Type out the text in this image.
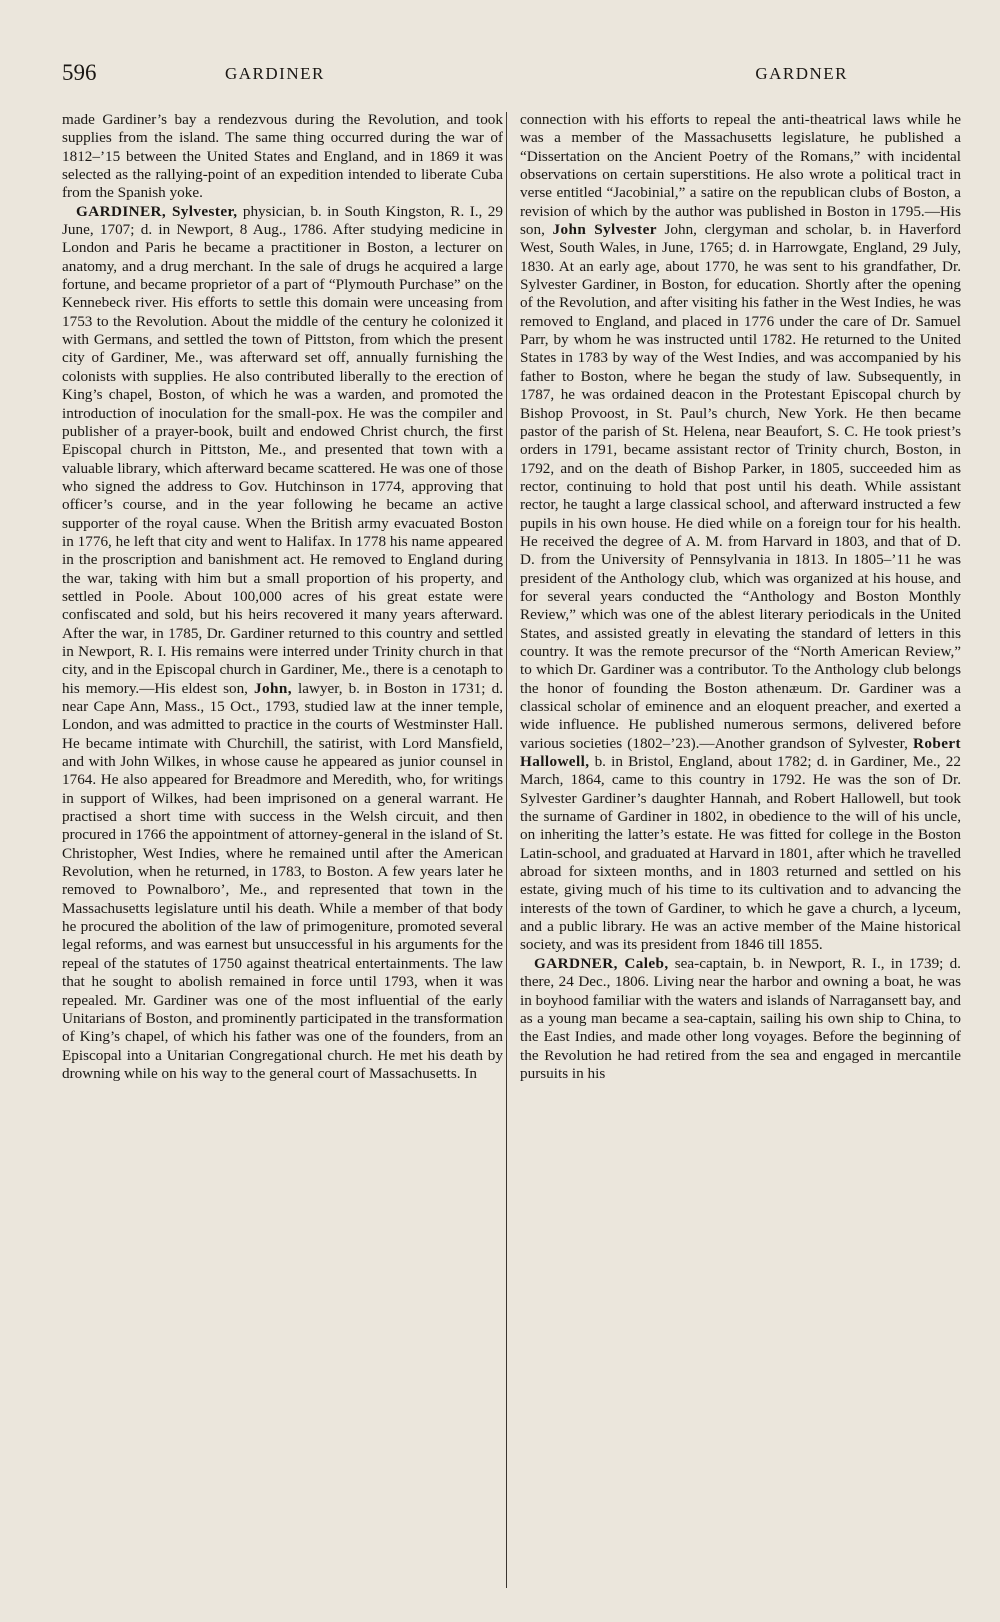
596	GARDINER	GARDNER

made Gardiner’s bay a rendezvous during the Revolution, and took supplies from the island. The same thing occurred during the war of 1812–’15 between the United States and England, and in 1869 it was selected as the rallying-point of an expedition intended to liberate Cuba from the Spanish yoke.

GARDINER, Sylvester, physician, b. in South Kingston, R. I., 29 June, 1707; d. in Newport, 8 Aug., 1786. After studying medicine in London and Paris he became a practitioner in Boston, a lecturer on anatomy, and a drug merchant. In the sale of drugs he acquired a large fortune, and became proprietor of a part of “Plymouth Purchase” on the Kennebeck river. His efforts to settle this domain were unceasing from 1753 to the Revolution. About the middle of the century he colonized it with Germans, and settled the town of Pittston, from which the present city of Gardiner, Me., was afterward set off, annually furnishing the colonists with supplies. He also contributed liberally to the erection of King’s chapel, Boston, of which he was a warden, and promoted the introduction of inoculation for the small-pox. He was the compiler and publisher of a prayer-book, built and endowed Christ church, the first Episcopal church in Pittston, Me., and presented that town with a valuable library, which afterward became scattered. He was one of those who signed the address to Gov. Hutchinson in 1774, approving that officer’s course, and in the year following he became an active supporter of the royal cause. When the British army evacuated Boston in 1776, he left that city and went to Halifax. In 1778 his name appeared in the proscription and banishment act. He removed to England during the war, taking with him but a small proportion of his property, and settled in Poole. About 100,000 acres of his great estate were confiscated and sold, but his heirs recovered it many years afterward. After the war, in 1785, Dr. Gardiner returned to this country and settled in Newport, R. I. His remains were interred under Trinity church in that city, and in the Episcopal church in Gardiner, Me., there is a cenotaph to his memory.—His eldest son, John, lawyer, b. in Boston in 1731; d. near Cape Ann, Mass., 15 Oct., 1793, studied law at the inner temple, London, and was admitted to practice in the courts of Westminster Hall. He became intimate with Churchill, the satirist, with Lord Mansfield, and with John Wilkes, in whose cause he appeared as junior counsel in 1764. He also appeared for Breadmore and Meredith, who, for writings in support of Wilkes, had been imprisoned on a general warrant. He practised a short time with success in the Welsh circuit, and then procured in 1766 the appointment of attorney-general in the island of St. Christopher, West Indies, where he remained until after the American Revolution, when he returned, in 1783, to Boston. A few years later he removed to Pownalboro’, Me., and represented that town in the Massachusetts legislature until his death. While a member of that body he procured the abolition of the law of primogeniture, promoted several legal reforms, and was earnest but unsuccessful in his arguments for the repeal of the statutes of 1750 against theatrical entertainments. The law that he sought to abolish remained in force until 1793, when it was repealed. Mr. Gardiner was one of the most influential of the early Unitarians of Boston, and prominently participated in the transformation of King’s chapel, of which his father was one of the founders, from an Episcopal into a Unitarian Congregational church. He met his death by drowning while on his way to the general court of Massachusetts. In

connection with his efforts to repeal the anti-theatrical laws while he was a member of the Massachusetts legislature, he published a “Dissertation on the Ancient Poetry of the Romans,” with incidental observations on certain superstitions. He also wrote a political tract in verse entitled “Jacobinial,” a satire on the republican clubs of Boston, a revision of which by the author was published in Boston in 1795.—His son, John Sylvester John, clergyman and scholar, b. in Haverford West, South Wales, in June, 1765; d. in Harrowgate, England, 29 July, 1830. At an early age, about 1770, he was sent to his grandfather, Dr. Sylvester Gardiner, in Boston, for education. Shortly after the opening of the Revolution, and after visiting his father in the West Indies, he was removed to England, and placed in 1776 under the care of Dr. Samuel Parr, by whom he was instructed until 1782. He returned to the United States in 1783 by way of the West Indies, and was accompanied by his father to Boston, where he began the study of law. Subsequently, in 1787, he was ordained deacon in the Protestant Episcopal church by Bishop Provoost, in St. Paul’s church, New York. He then became pastor of the parish of St. Helena, near Beaufort, S. C. He took priest’s orders in 1791, became assistant rector of Trinity church, Boston, in 1792, and on the death of Bishop Parker, in 1805, succeeded him as rector, continuing to hold that post until his death. While assistant rector, he taught a large classical school, and afterward instructed a few pupils in his own house. He died while on a foreign tour for his health. He received the degree of A. M. from Harvard in 1803, and that of D. D. from the University of Pennsylvania in 1813. In 1805–’11 he was president of the Anthology club, which was organized at his house, and for several years conducted the “Anthology and Boston Monthly Review,” which was one of the ablest literary periodicals in the United States, and assisted greatly in elevating the standard of letters in this country. It was the remote precursor of the “North American Review,” to which Dr. Gardiner was a contributor. To the Anthology club belongs the honor of founding the Boston athenæum. Dr. Gardiner was a classical scholar of eminence and an eloquent preacher, and exerted a wide influence. He published numerous sermons, delivered before various societies (1802–’23).—Another grandson of Sylvester, Robert Hallowell, b. in Bristol, England, about 1782; d. in Gardiner, Me., 22 March, 1864, came to this country in 1792. He was the son of Dr. Sylvester Gardiner’s daughter Hannah, and Robert Hallowell, but took the surname of Gardiner in 1802, in obedience to the will of his uncle, on inheriting the latter’s estate. He was fitted for college in the Boston Latin-school, and graduated at Harvard in 1801, after which he travelled abroad for sixteen months, and in 1803 returned and settled on his estate, giving much of his time to its cultivation and to advancing the interests of the town of Gardiner, to which he gave a church, a lyceum, and a public library. He was an active member of the Maine historical society, and was its president from 1846 till 1855.

GARDNER, Caleb, sea-captain, b. in Newport, R. I., in 1739; d. there, 24 Dec., 1806. Living near the harbor and owning a boat, he was in boyhood familiar with the waters and islands of Narragansett bay, and as a young man became a sea-captain, sailing his own ship to China, to the East Indies, and made other long voyages. Before the beginning of the Revolution he had retired from the sea and engaged in mercantile pursuits in his
